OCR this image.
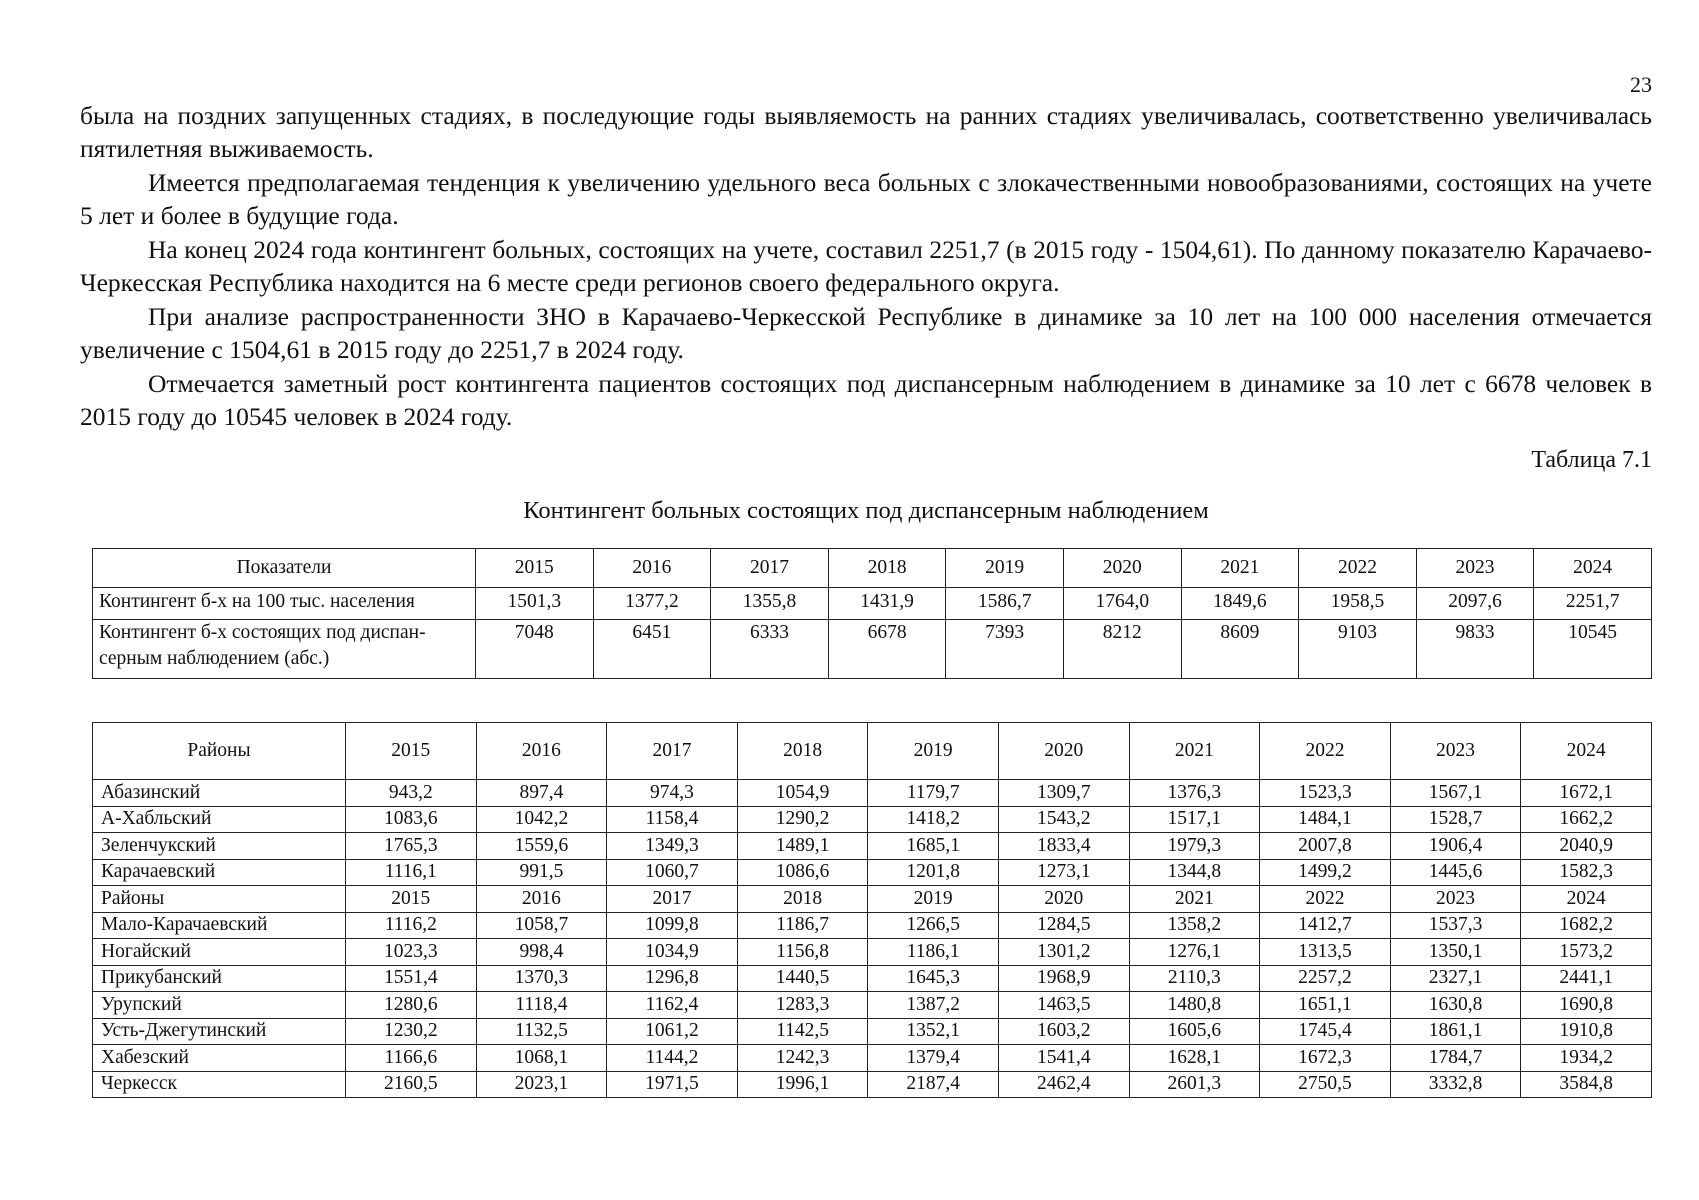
23

была на поздних запущенных стадиях, в последующие годы выявляемость на ранних стадиях увеличивалась, соответственно увеличивалась пятилетняя выживаемость.

Имеется предполагаемая тенденция к увеличению удельного веса больных с злокачественными новообразованиями, состоящих на учете 5 лет и более в будущие года.

На конец 2024 года контингент больных, состоящих на учете, составил 2251,7 (в 2015 году - 1504,61). По данному показателю Карачаево-Черкесская Республика находится на 6 месте среди регионов своего федерального округа.

При анализе распространенности ЗНО в Карачаево-Черкесской Республике в динамике за 10 лет на 100 000 населения отмечается увеличение с 1504,61 в 2015 году до 2251,7 в 2024 году.

Отмечается заметный рост контингента пациентов состоящих под диспансерным наблюдением в динамике за 10 лет с 6678 человек в 2015 году до 10545 человек в 2024 году.

Таблица 7.1
Контингент больных состоящих под диспансерным наблюдением
Показатели	2015	2016	2017	2018	2019	2020	2021	2022	2023	2024
Контингент б-х на 100 тыс. населения	1501,3	1377,2	1355,8	1431,9	1586,7	1764,0	1849,6	1958,5	2097,6	2251,7
Контингент б-х состоящих под диспансерным наблюдением (абс.)	7048	6451	6333	6678	7393	8212	8609	9103	9833	10545
Районы	2015	2016	2017	2018	2019	2020	2021	2022	2023	2024
Абазинский	943,2	897,4	974,3	1054,9	1179,7	1309,7	1376,3	1523,3	1567,1	1672,1
А-Хабльский	1083,6	1042,2	1158,4	1290,2	1418,2	1543,2	1517,1	1484,1	1528,7	1662,2
Зеленчукский	1765,3	1559,6	1349,3	1489,1	1685,1	1833,4	1979,3	2007,8	1906,4	2040,9
Карачаевский	1116,1	991,5	1060,7	1086,6	1201,8	1273,1	1344,8	1499,2	1445,6	1582,3
Районы	2015	2016	2017	2018	2019	2020	2021	2022	2023	2024
Мало-Карачаевский	1116,2	1058,7	1099,8	1186,7	1266,5	1284,5	1358,2	1412,7	1537,3	1682,2
Ногайский	1023,3	998,4	1034,9	1156,8	1186,1	1301,2	1276,1	1313,5	1350,1	1573,2
Прикубанский	1551,4	1370,3	1296,8	1440,5	1645,3	1968,9	2110,3	2257,2	2327,1	2441,1
Урупский	1280,6	1118,4	1162,4	1283,3	1387,2	1463,5	1480,8	1651,1	1630,8	1690,8
Усть-Джегутинский	1230,2	1132,5	1061,2	1142,5	1352,1	1603,2	1605,6	1745,4	1861,1	1910,8
Хабезский	1166,6	1068,1	1144,2	1242,3	1379,4	1541,4	1628,1	1672,3	1784,7	1934,2
Черкесск	2160,5	2023,1	1971,5	1996,1	2187,4	2462,4	2601,3	2750,5	3332,8	3584,8
